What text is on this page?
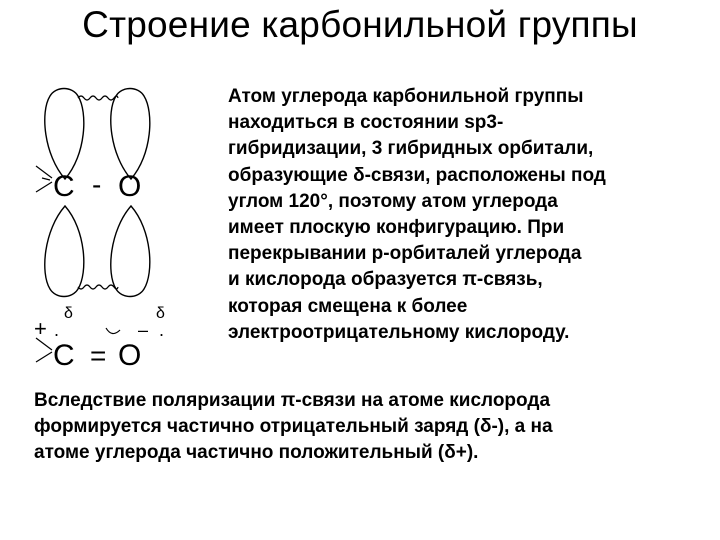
Строение карбонильной группы
C - O
+
δ
.
δ
– .
C = O
Атом углерода карбонильной группы
находиться в состоянии sp3-
гибридизации, 3 гибридных орбитали,
образующие δ-связи, расположены под
углом 120°, поэтому атом углерода
имеет плоскую конфигурацию. При
перекрывании р-орбиталей углерода
и кислорода образуется π-связь,
которая смещена к более
электроотрицательному кислороду.
Вследствие поляризации π-связи на атоме кислорода
формируется частично отрицательный заряд (δ-), а на
атоме углерода частично положительный (δ+).
